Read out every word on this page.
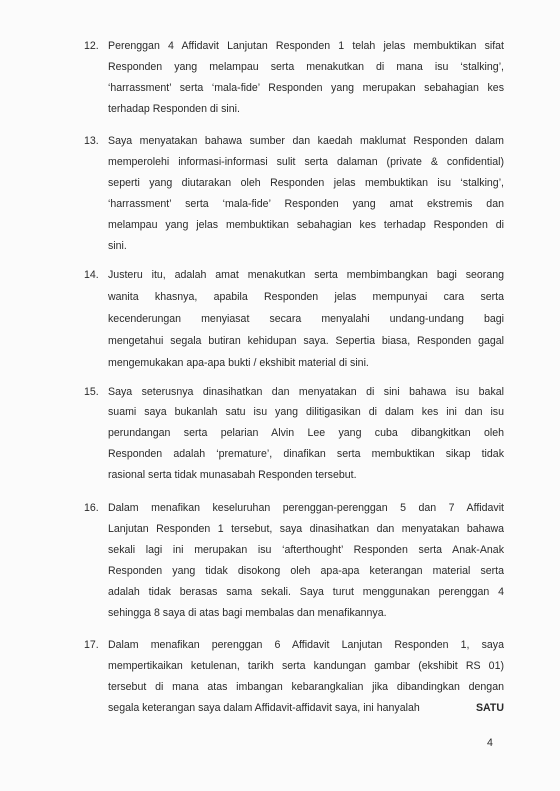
12. Perenggan 4 Affidavit Lanjutan Responden 1 telah jelas membuktikan sifat
Responden yang melampau serta menakutkan di mana isu ‘stalking’,
‘harrassment’ serta ‘mala-fide’ Responden yang merupakan sebahagian kes
terhadap Responden di sini.
13. Saya menyatakan bahawa sumber dan kaedah maklumat Responden dalam
memperolehi informasi-informasi sulit serta dalaman (private & confidential)
seperti yang diutarakan oleh Responden jelas membuktikan isu ‘stalking’,
‘harrassment’ serta ‘mala-fide’ Responden yang amat ekstremis dan
melampau yang jelas membuktikan sebahagian kes terhadap Responden di
sini.
14. Justeru itu, adalah amat menakutkan serta membimbangkan bagi seorang
wanita khasnya, apabila Responden jelas mempunyai cara serta
kecenderungan menyiasat secara menyalahi undang-undang bagi
mengetahui segala butiran kehidupan saya. Sepertia biasa, Responden gagal
mengemukakan apa-apa bukti / ekshibit material di sini.
15. Saya seterusnya dinasihatkan dan menyatakan di sini bahawa isu bakal
suami saya bukanlah satu isu yang dilitigasikan di dalam kes ini dan isu
perundangan serta pelarian Alvin Lee yang cuba dibangkitkan oleh
Responden adalah ‘premature’, dinafikan serta membuktikan sikap tidak
rasional serta tidak munasabah Responden tersebut.
16. Dalam menafikan keseluruhan perenggan-perenggan 5 dan 7 Affidavit
Lanjutan Responden 1 tersebut, saya dinasihatkan dan menyatakan bahawa
sekali lagi ini merupakan isu ‘afterthought’ Responden serta Anak-Anak
Responden yang tidak disokong oleh apa-apa keterangan material serta
adalah tidak berasas sama sekali. Saya turut menggunakan perenggan 4
sehingga 8 saya di atas bagi membalas dan menafikannya.
17. Dalam menafikan perenggan 6 Affidavit Lanjutan Responden 1, saya
mempertikaikan ketulenan, tarikh serta kandungan gambar (ekshibit RS 01)
tersebut di mana atas imbangan kebarangkalian jika dibandingkan dengan
segala keterangan saya dalam Affidavit-affidavit saya, ini hanyalah	SATU
4
